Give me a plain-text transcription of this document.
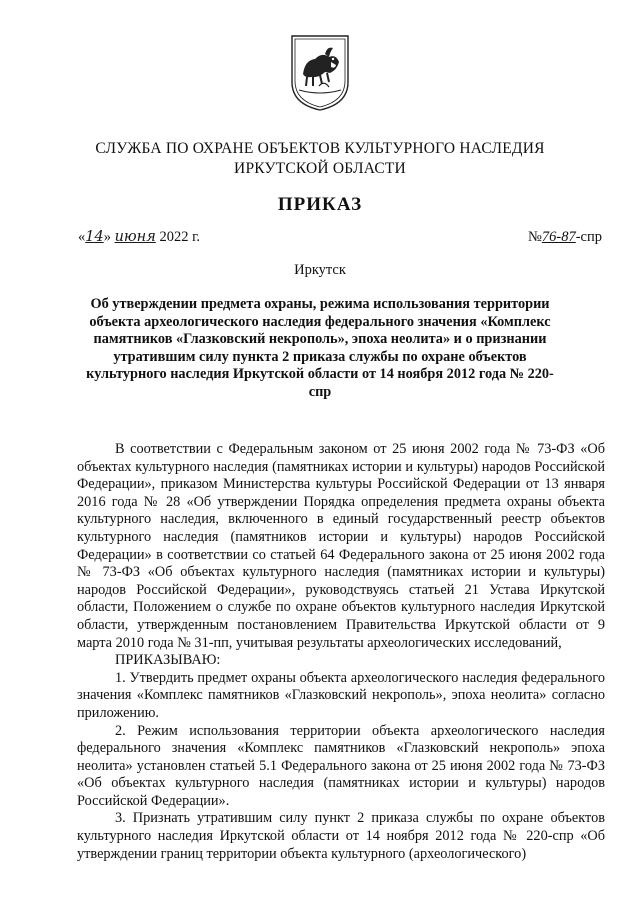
СЛУЖБА ПО ОХРАНЕ ОБЪЕКТОВ КУЛЬТУРНОГО НАСЛЕДИЯ
ИРКУТСКОЙ ОБЛАСТИ
ПРИКАЗ
«14» июня 2022 г.	№76-87-спр
Иркутск
Об утверждении предмета охраны, режима использования территории объекта археологического наследия федерального значения «Комплекс памятников «Глазковский некрополь», эпоха неолита» и о признании утратившим силу пункта 2 приказа службы по охране объектов культурного наследия Иркутской области от 14 ноября 2012 года № 220-спр

В соответствии с Федеральным законом от 25 июня 2002 года № 73-ФЗ «Об объектах культурного наследия (памятниках истории и культуры) народов Российской Федерации», приказом Министерства культуры Российской Федерации от 13 января 2016 года № 28 «Об утверждении Порядка определения предмета охраны объекта культурного наследия, включенного в единый государственный реестр объектов культурного наследия (памятников истории и культуры) народов Российской Федерации» в соответствии со статьей 64 Федерального закона от 25 июня 2002 года № 73-ФЗ «Об объектах культурного наследия (памятниках истории и культуры) народов Российской Федерации», руководствуясь статьей 21 Устава Иркутской области, Положением о службе по охране объектов культурного наследия Иркутской области, утвержденным постановлением Правительства Иркутской области от 9 марта 2010 года № 31-пп, учитывая результаты археологических исследований,

ПРИКАЗЫВАЮ:

1. Утвердить предмет охраны объекта археологического наследия федерального значения «Комплекс памятников «Глазковский некрополь», эпоха неолита» согласно приложению.

2. Режим использования территории объекта археологического наследия федерального значения «Комплекс памятников «Глазковский некрополь» эпоха неолита» установлен статьей 5.1 Федерального закона от 25 июня 2002 года № 73-ФЗ «Об объектах культурного наследия (памятниках истории и культуры) народов Российской Федерации».

3. Признать утратившим силу пункт 2 приказа службы по охране объектов культурного наследия Иркутской области от 14 ноября 2012 года № 220-спр «Об утверждении границ территории объекта культурного (археологического)
